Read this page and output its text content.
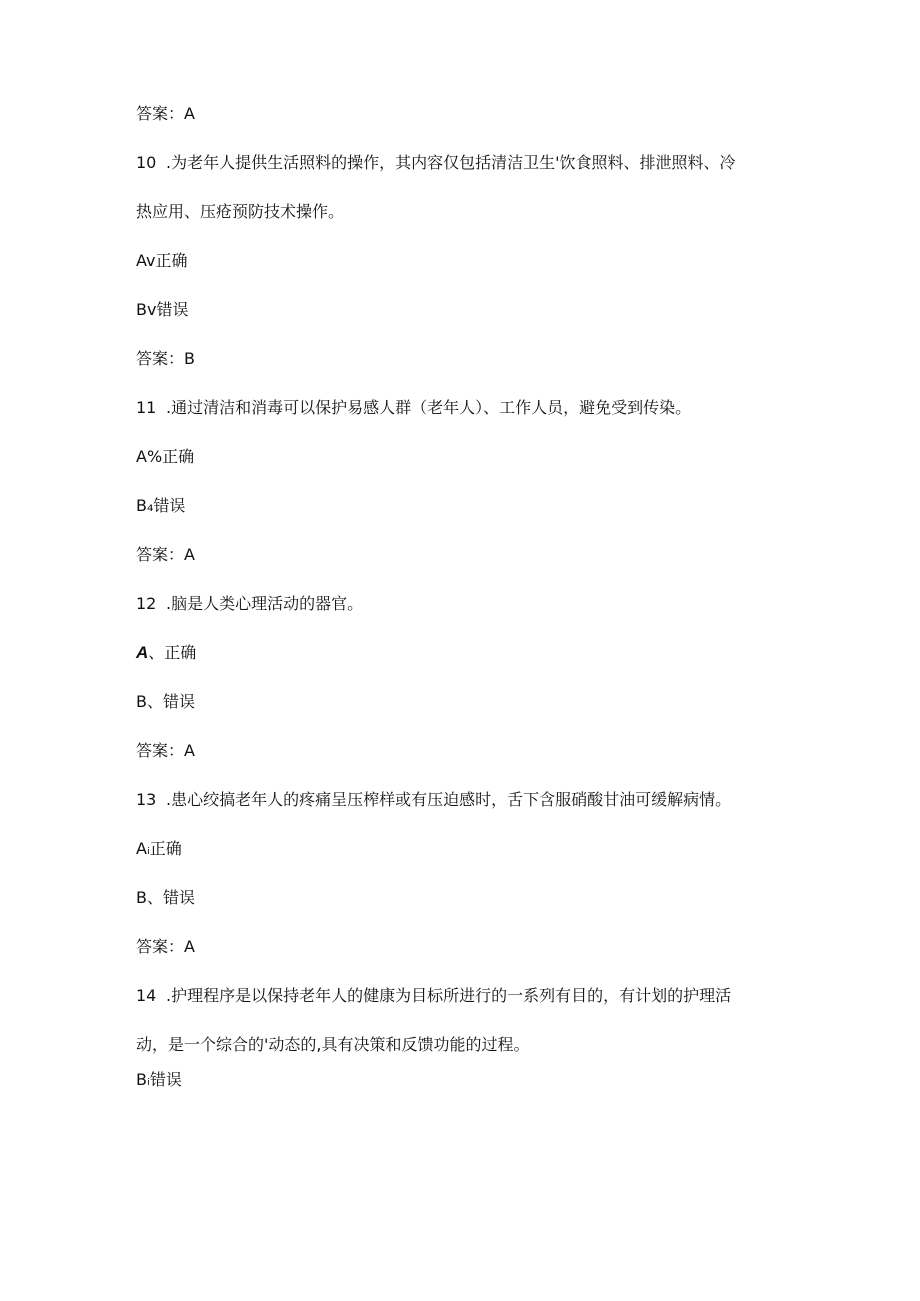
答案：A
10 .为老年人提供生活照料的操作，其内容仅包括清洁卫生'饮食照料、排泄照料、冷
热应用、压疮预防技术操作。
Av正确
Bv错误
答案：B
11 .通过清洁和消毒可以保护易感人群（老年人）、工作人员，避免受到传染。
A%正确
B₄错误
答案：A
12 .脑是人类心理活动的器官。
A、正确
B、错误
答案：A
13 .患心绞搞老年人的疼痛呈压榨样或有压迫感时，舌下含服硝酸甘油可缓解病情。
Aᵢ正确
B、错误
答案：A
14 .护理程序是以保持老年人的健康为目标所进行的一系列有目的，有计划的护理活
动，是一个综合的'动态的,具有决策和反馈功能的过程。
Bᵢ错误
